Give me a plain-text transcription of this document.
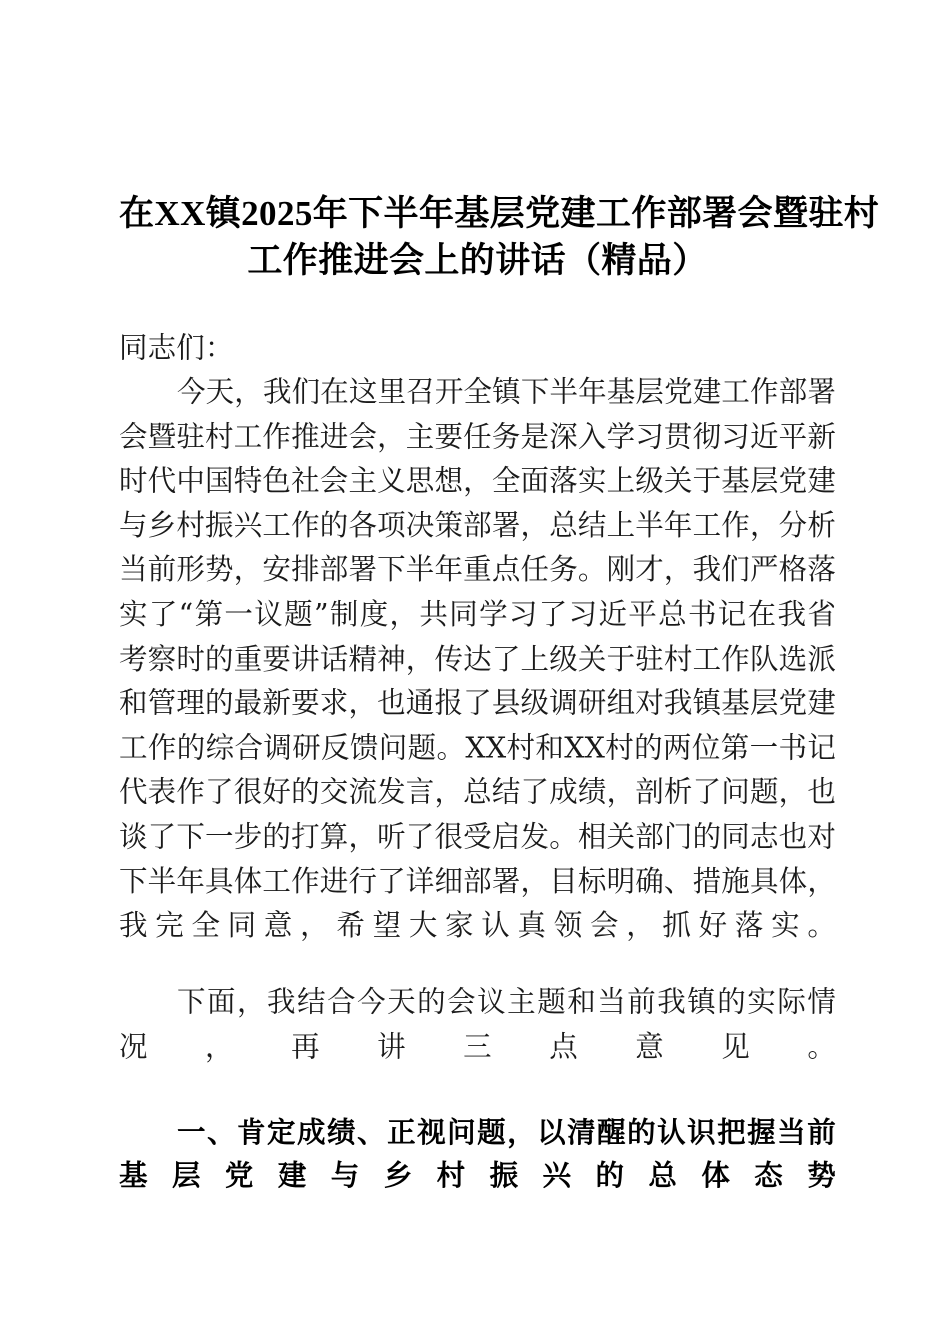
在XX镇2025年下半年基层党建工作部署会暨驻村
工作推进会上的讲话（精品）

同志们：

今天，我们在这里召开全镇下半年基层党建工作部署会暨驻村工作推进会，主要任务是深入学习贯彻习近平新时代中国特色社会主义思想，全面落实上级关于基层党建与乡村振兴工作的各项决策部署，总结上半年工作，分析当前形势，安排部署下半年重点任务。刚才，我们严格落实了“第一议题”制度，共同学习了习近平总书记在我省考察时的重要讲话精神，传达了上级关于驻村工作队选派和管理的最新要求，也通报了县级调研组对我镇基层党建工作的综合调研反馈问题。XX村和XX村的两位第一书记代表作了很好的交流发言，总结了成绩，剖析了问题，也谈了下一步的打算，听了很受启发。相关部门的同志也对下半年具体工作进行了详细部署，目标明确、措施具体，我完全同意，希望大家认真领会，抓好落实。

下面，我结合今天的会议主题和当前我镇的实际情况，再讲三点意见。

一、肯定成绩、正视问题，以清醒的认识把握当前基层党建与乡村振兴的总体态势
